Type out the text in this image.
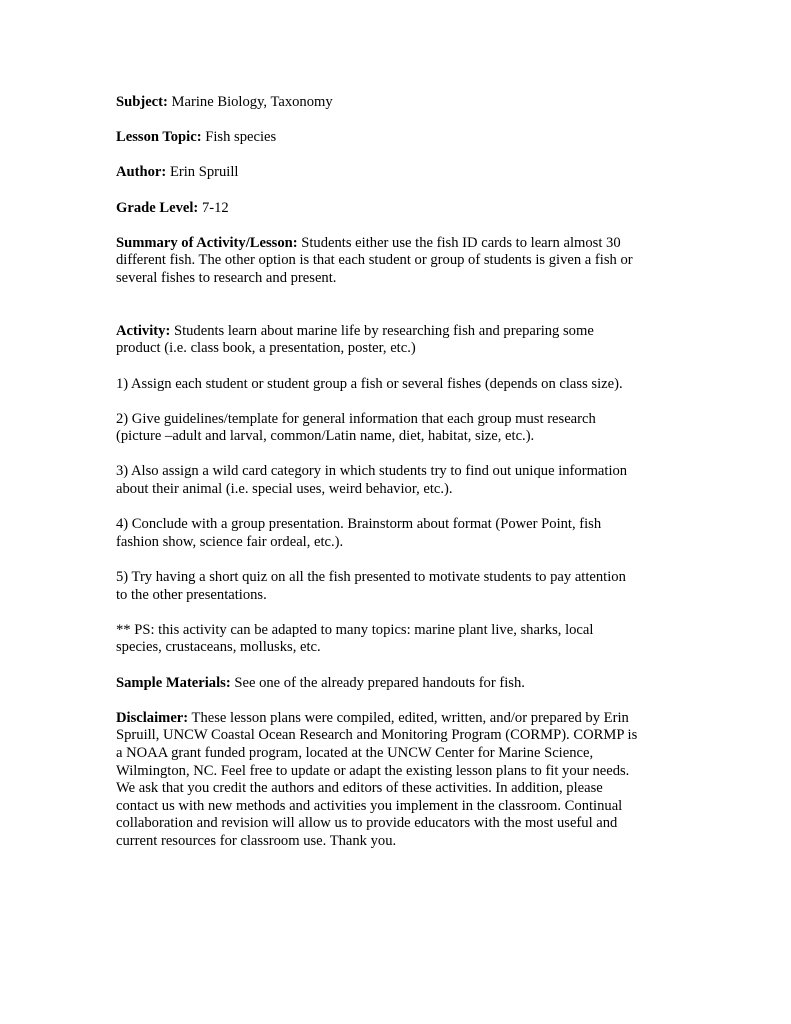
Subject: Marine Biology, Taxonomy

Lesson Topic: Fish species

Author: Erin Spruill

Grade Level: 7-12

Summary of Activity/Lesson: Students either use the fish ID cards to learn almost 30
different fish. The other option is that each student or group of students is given a fish or
several fishes to research and present.

Activity: Students learn about marine life by researching fish and preparing some
product (i.e. class book, a presentation, poster, etc.)

1) Assign each student or student group a fish or several fishes (depends on class size).

2) Give guidelines/template for general information that each group must research
(picture –adult and larval, common/Latin name, diet, habitat, size, etc.).

3) Also assign a wild card category in which students try to find out unique information
about their animal (i.e. special uses, weird behavior, etc.).

4) Conclude with a group presentation. Brainstorm about format (Power Point, fish
fashion show, science fair ordeal, etc.).

5) Try having a short quiz on all the fish presented to motivate students to pay attention
to the other presentations.

** PS: this activity can be adapted to many topics: marine plant live, sharks, local
species, crustaceans, mollusks, etc.

Sample Materials: See one of the already prepared handouts for fish.

Disclaimer: These lesson plans were compiled, edited, written, and/or prepared by Erin
Spruill, UNCW Coastal Ocean Research and Monitoring Program (CORMP). CORMP is
a NOAA grant funded program, located at the UNCW Center for Marine Science,
Wilmington, NC. Feel free to update or adapt the existing lesson plans to fit your needs.
We ask that you credit the authors and editors of these activities. In addition, please
contact us with new methods and activities you implement in the classroom. Continual
collaboration and revision will allow us to provide educators with the most useful and
current resources for classroom use. Thank you.
